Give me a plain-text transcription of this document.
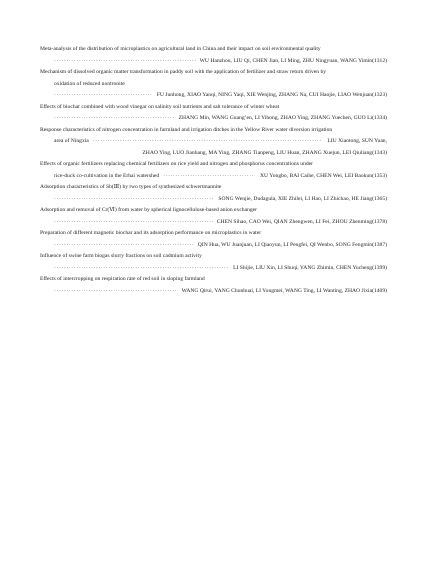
Meta-analysis of the distribution of microplastics on agricultural land in China and their impact on soil environmental quality
·····
WU Hanzhou, LIU Qi, CHEN Jian, LI Ming, ZHU Ningyuan, WANG Yimin (1312)
Mechanism of dissolved organic matter transformation in paddy soil with the application of fertilizer and straw return driven by
oxidation of reduced nontronite
·····
FU Junhong, XIAO Yanqi, NING Yaqi, XIE Wenjing, ZHANG Na, CUI Haojie, LIAO Wenjuan (1323)
Effects of biochar combined with wood vinegar on salinity soil nutrients and salt tolerance of winter wheat
·····
ZHANG Min, WANG Guang’en, LI Yihong, ZHAO Ying, ZHANG Yuechen, GUO Li (1334)
Response characteristics of nitrogen concentration in farmland and irrigation ditches in the Yellow River water diversion irrigation
area of Ningxia ·····	LIU Xiaotong, SUN Yuan,
ZHAO Ying, LUO Jianhang, MA Ying, ZHANG Tianpeng, LIU Huan, ZHANG Xuejun, LEI Qiuliang(1343)
Effects of organic fertilizers replacing chemical fertilizers on rice yield and nitrogen and phosphorus concentrations under
rice-duck co-cultivation in the Erhai watershed ·····	XU Yongbo, BAI Caihe, CHEN Wei, LEI Baokun (1353)
Adsorption characteristics of Sb(Ⅲ) by two types of synthesized schwertmannite
·····
SONG Wenjie, Dudagula, XIE Zhilei, LI Hao, LI Zhichao, HE Jiang (1365)
Adsorption and removal of Cr(Ⅵ) from water by spherical lignocellulose-based anion exchanger
·····
CHEN Sihao, CAO Wei, QIAN Zhengwen, LI Fei, ZHOU Zhenming (1378)
Preparation of different magnetic biochar and its adsorption performance on microplastics in water
·····
QIN Hua, WU Juanjuan, LI Qiaoyun, LI Pengfei, QI Wenbo, SONG Fengmin (1387)
Influence of swine farm biogas slurry fractions on soil cadmium activity
·····
LI Shijie, LIU Xin, LI Shuqi, YANG Zhimin, CHEN Yucheng (1399)
Effects of intercropping on respiration rate of red soil in sloping farmland
·····
WANG Qirui, YANG Chunhuai, LI Yongmei, WANG Ting, LI Wanting, ZHAO Jixia (1409)
